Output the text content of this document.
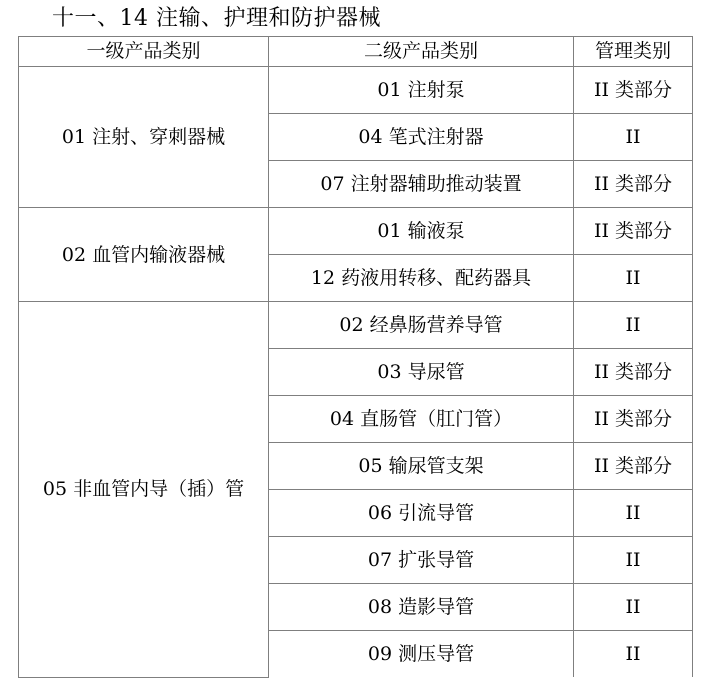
十一、14 注输、护理和防护器械
一级产品类别	二级产品类别	管理类别
01 注射、穿刺器械	01 注射泵	II 类部分
	04 笔式注射器	II
	07 注射器辅助推动装置	II 类部分
02 血管内输液器械	01 输液泵	II 类部分
	12 药液用转移、配药器具	II
05 非血管内导（插）管	02 经鼻肠营养导管	II
	03 导尿管	II 类部分
	04 直肠管（肛门管）	II 类部分
	05 输尿管支架	II 类部分
	06 引流导管	II
	07 扩张导管	II
	08 造影导管	II
	09 测压导管	II
